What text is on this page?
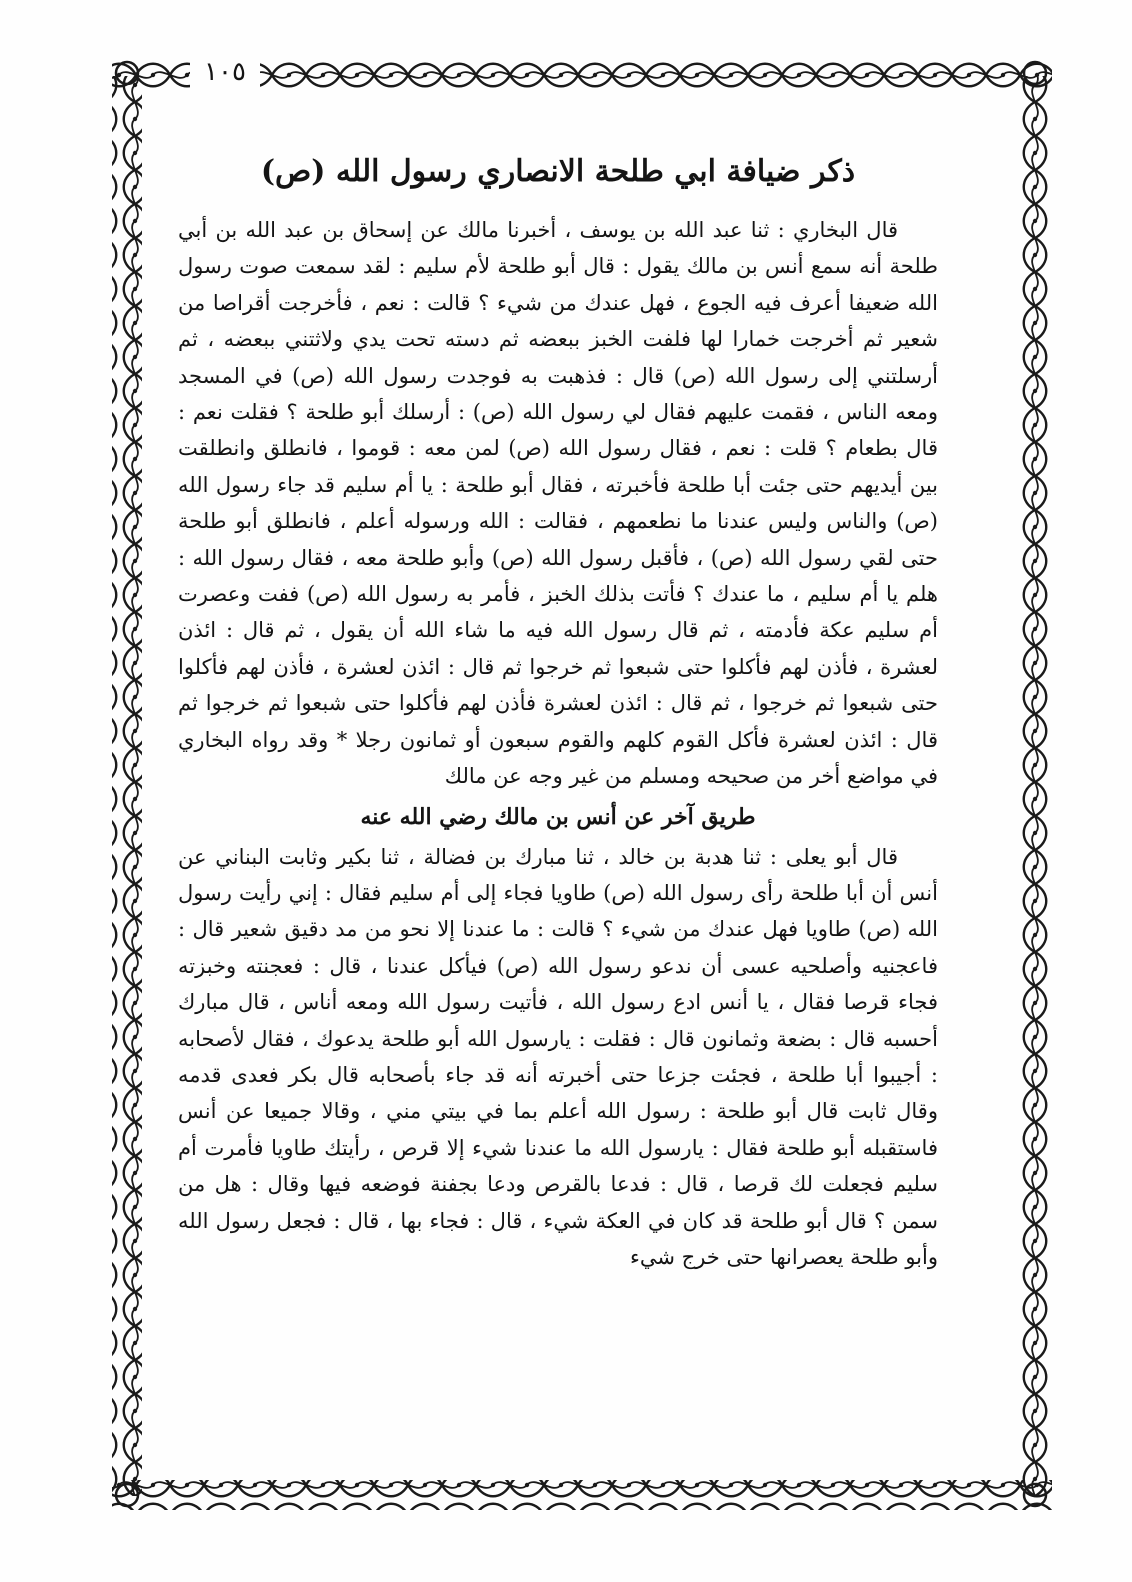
١٠٥
ذكر ضيافة ابي طلحة الانصاري رسول الله (ص)

قال البخاري : ثنا عبد الله بن يوسف ، أخبرنا مالك عن إسحاق بن عبد الله بن أبي طلحة أنه سمع أنس بن مالك يقول : قال أبو طلحة لأم سليم : لقد سمعت صوت رسول الله ضعيفا أعرف فيه الجوع ، فهل عندك من شيء ؟ قالت : نعم ، فأخرجت أقراصا من شعير ثم أخرجت خمارا لها فلفت الخبز ببعضه ثم دسته تحت يدي ولاثتني ببعضه ، ثم أرسلتني إلى رسول الله (ص) قال : فذهبت به فوجدت رسول الله (ص) في المسجد ومعه الناس ، فقمت عليهم فقال لي رسول الله (ص) : أرسلك أبو طلحة ؟ فقلت نعم : قال بطعام ؟ قلت : نعم ، فقال رسول الله (ص) لمن معه : قوموا ، فانطلق وانطلقت بين أيديهم حتى جئت أبا طلحة فأخبرته ، فقال أبو طلحة : يا أم سليم قد جاء رسول الله (ص) والناس وليس عندنا ما نطعمهم ، فقالت : الله ورسوله أعلم ، فانطلق أبو طلحة حتى لقي رسول الله (ص) ، فأقبل رسول الله (ص) وأبو طلحة معه ، فقال رسول الله : هلم يا أم سليم ، ما عندك ؟ فأتت بذلك الخبز ، فأمر به رسول الله (ص) ففت وعصرت أم سليم عكة فأدمته ، ثم قال رسول الله فيه ما شاء الله أن يقول ، ثم قال : ائذن لعشرة ، فأذن لهم فأكلوا حتى شبعوا ثم خرجوا ثم قال : ائذن لعشرة ، فأذن لهم فأكلوا حتى شبعوا ثم خرجوا ، ثم قال : ائذن لعشرة فأذن لهم فأكلوا حتى شبعوا ثم خرجوا ثم قال : ائذن لعشرة فأكل القوم كلهم والقوم سبعون أو ثمانون رجلا * وقد رواه البخاري في مواضع أخر من صحيحه ومسلم من غير وجه عن مالك

طريق آخر عن أنس بن مالك رضي الله عنه

قال أبو يعلى : ثنا هدبة بن خالد ، ثنا مبارك بن فضالة ، ثنا بكير وثابت البناني عن أنس أن أبا طلحة رأى رسول الله (ص) طاويا فجاء إلى أم سليم فقال : إني رأيت رسول الله (ص) طاويا فهل عندك من شيء ؟ قالت : ما عندنا إلا نحو من مد دقيق شعير قال : فاعجنيه وأصلحيه عسى أن ندعو رسول الله (ص) فيأكل عندنا ، قال : فعجنته وخبزته فجاء قرصا فقال ، يا أنس ادع رسول الله ، فأتيت رسول الله ومعه أناس ، قال مبارك أحسبه قال : بضعة وثمانون قال : فقلت : يارسول الله أبو طلحة يدعوك ، فقال لأصحابه : أجيبوا أبا طلحة ، فجئت جزعا حتى أخبرته أنه قد جاء بأصحابه قال بكر فعدى قدمه وقال ثابت قال أبو طلحة : رسول الله أعلم بما في بيتي مني ، وقالا جميعا عن أنس فاستقبله أبو طلحة فقال : يارسول الله ما عندنا شيء إلا قرص ، رأيتك طاويا فأمرت أم سليم فجعلت لك قرصا ، قال : فدعا بالقرص ودعا بجفنة فوضعه فيها وقال : هل من سمن ؟ قال أبو طلحة قد كان في العكة شيء ، قال : فجاء بها ، قال : فجعل رسول الله وأبو طلحة يعصرانها حتى خرج شيء
